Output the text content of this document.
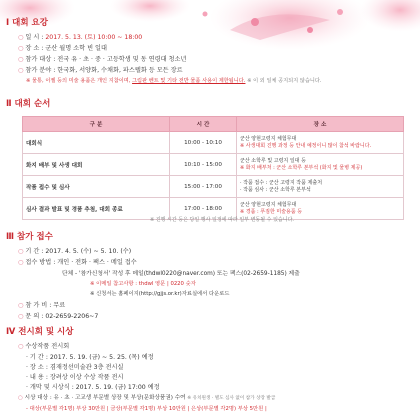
Ⅰ 대회 요강
○ 일 시 : 2017. 5. 13. (토) 10:00 ~ 18:00
○ 장 소 : 군산 월명 소학 빈 일대
○ 참가 대상 : 전국 유 · 초 · 중 · 고등학생 및 동 연령대 청소년
○ 참가 분야 : 한국화, 서양화, 수채화, 파스텔화 등 모든 장르
※ 물통, 이젤 등의 미술 용품은 개인 지참이며, 그림판 벤트 및 기타 전반 물품 사용이 제한됩니다. ※ 이 외 일체 공지되지 않습니다.
Ⅱ 대회 순서
구 분	시 간	장 소
대회식	10:00 - 10:10	군산 양현고령지 체험무대
※ 사생대회 진행 과정 등 안내 예정이니 많이 참석 바랍니다.
화지 배부 및 사생 대회	10:10 - 15:00	군산 소학루 및 고령지 일대 등
※ 화지 배부처 : 군산 소학루 본부석 (화지 및 물병 제공)
작품 접수 및 심사	15:00 - 17:00	· 작품 접수 : 군산 고령지 작품 제출처
· 작품 심사 : 군산 소학루 본부석
심사 결과 발표 및 경품 추첨, 대회 종료	17:00 - 18:00	군산 양현고령지 체험무대
※ 경품 : 푸짐한 미술용품 등
※ 진행 시간 등은 당일 행사 일정에 따라 일부 변동될 수 있습니다.
Ⅲ 참가 접수
○ 기 간 : 2017. 4. 5. (수) ~ 5. 10. (수)
○ 접수 방법 : 개인 · 전화 · 팩스 · 메일 접수
단체 - '참가신청서' 작성 후 메일(thdwl0220@naver.com) 또는 팩스(02-2659-1185) 제출
※ 이메일 참고사항 : thdwl 영문 | 0220 숫자
※ 신청서는 홈페이지(http://gjjs.or.kr)자료실에서 다운로드
○ 참 가 비 : 무료
○ 문 의 : 02-2659-2206~7
Ⅳ 전시회 및 시상
○ 수상작품 전시회
· 기 간 : 2017. 5. 19. (금) ~ 5. 25. (목) 예정
· 장 소 : 겸재정선미술관 3층 전시실
· 내 용 : 장려상 이상 수상 작품 전시
· 개막 및 시상식 : 2017. 5. 19. (금) 17:00 예정
○ 시상 대상 : 유 · 초 · 고교생 부문별 상장 및 부상(문화상품권) 수여 ※ 유치원생 · 별도 심사 없이 참가 상장 발급
- 대상(부문별 각1명) 부상 30만원 | 금상(부문별 각1명) 부상 10만원 | 은상(부문별 각2명) 부상 5만원 |
